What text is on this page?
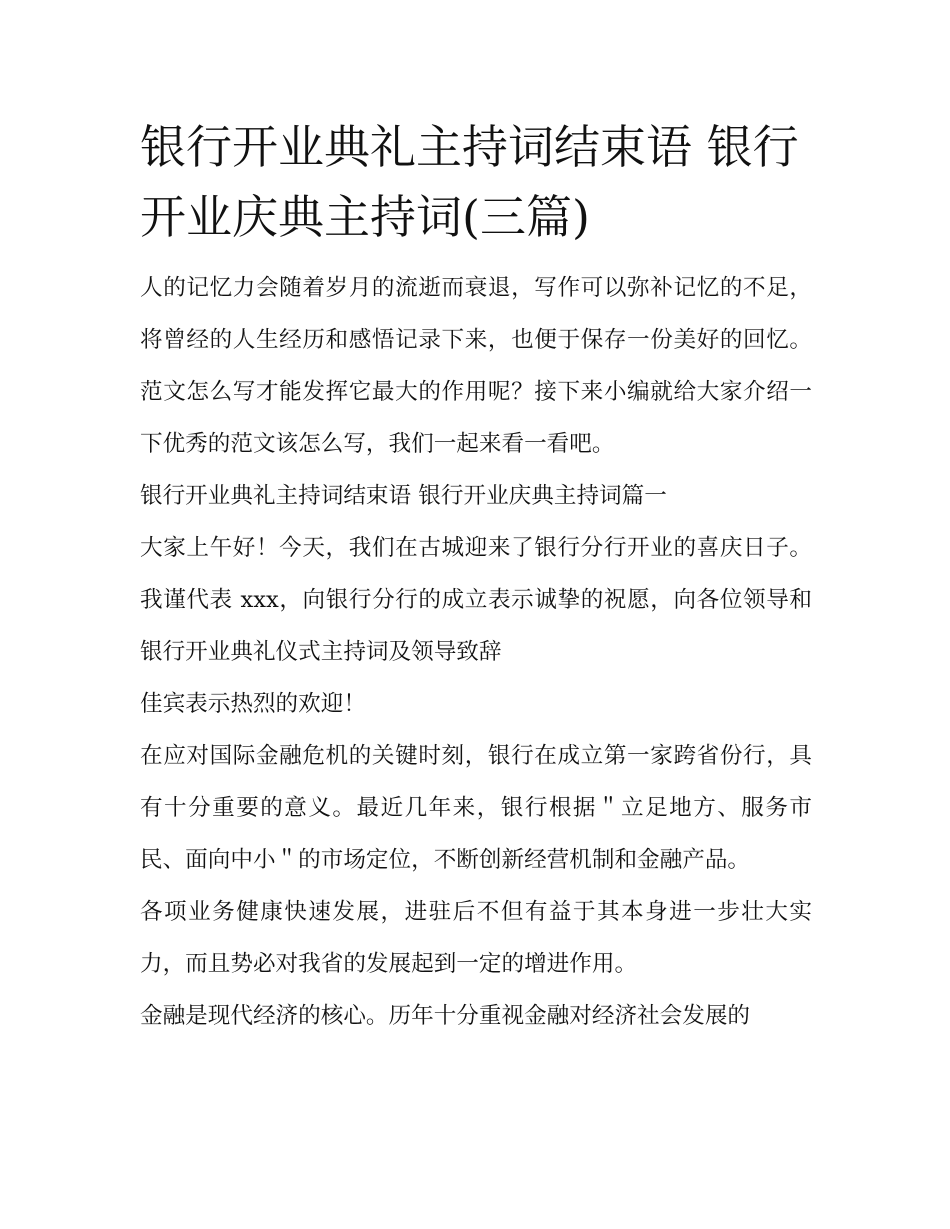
银行开业典礼主持词结束语 银行开业庆典主持词(三篇)

人的记忆力会随着岁月的流逝而衰退，写作可以弥补记忆的不足，将曾经的人生经历和感悟记录下来，也便于保存一份美好的回忆。范文怎么写才能发挥它最大的作用呢？接下来小编就给大家介绍一下优秀的范文该怎么写，我们一起来看一看吧。

银行开业典礼主持词结束语 银行开业庆典主持词篇一

大家上午好！今天，我们在古城迎来了银行分行开业的喜庆日子。我谨代表 xxx，向银行分行的成立表示诚挚的祝愿，向各位领导和银行开业典礼仪式主持词及领导致辞

佳宾表示热烈的欢迎！

在应对国际金融危机的关键时刻，银行在成立第一家跨省份行，具有十分重要的意义。最近几年来，银行根据＂立足地方、服务市民、面向中小＂的市场定位，不断创新经营机制和金融产品。

各项业务健康快速发展，进驻后不但有益于其本身进一步壮大实力，而且势必对我省的发展起到一定的增进作用。

金融是现代经济的核心。历年十分重视金融对经济社会发展的
